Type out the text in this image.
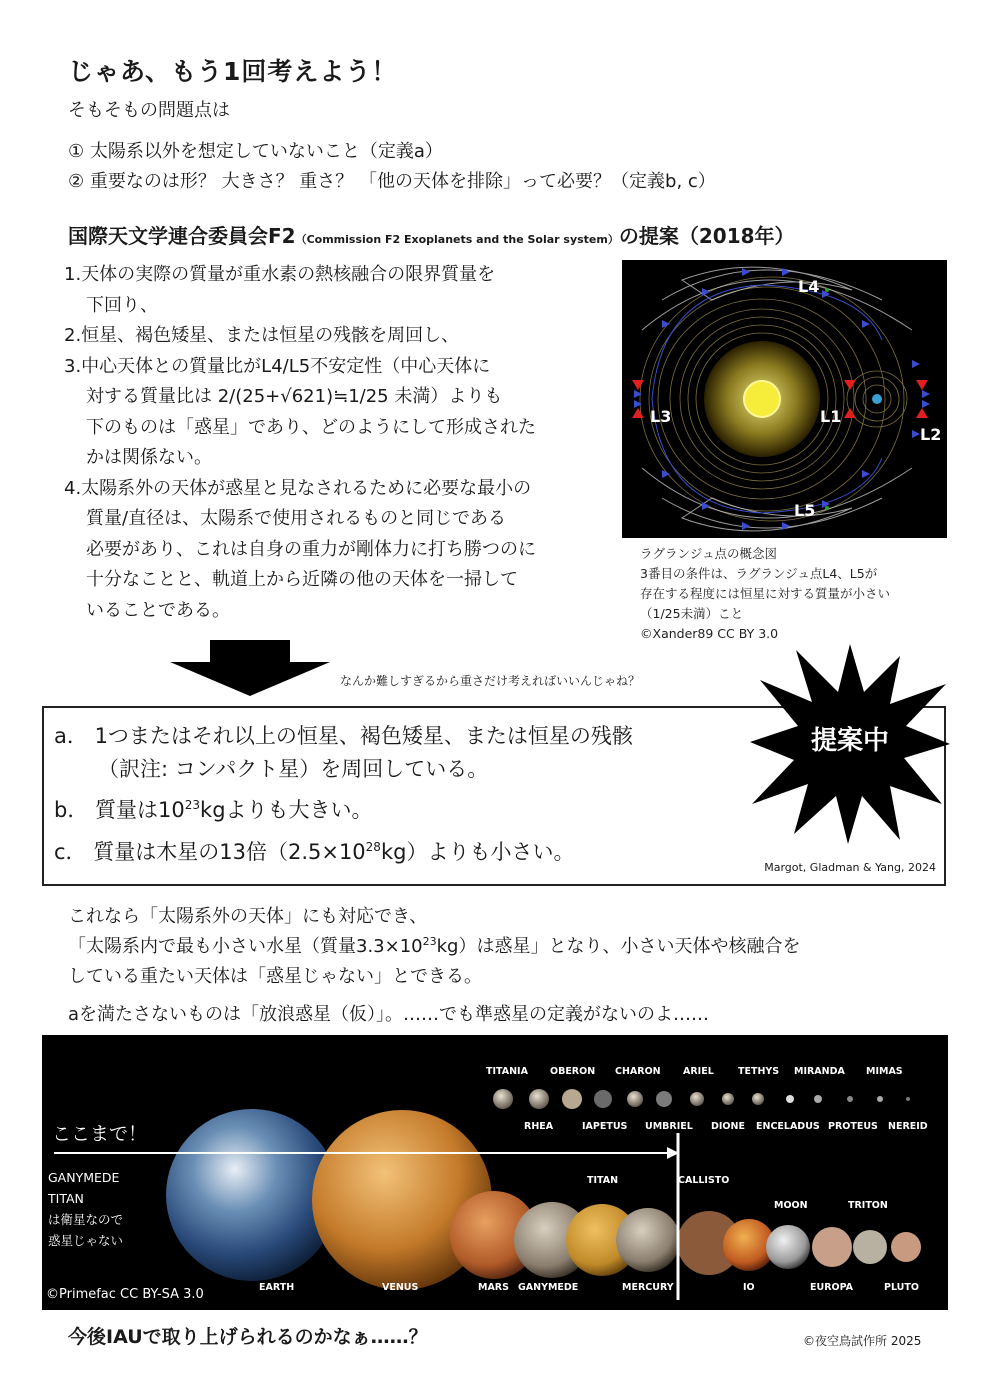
じゃあ、もう1回考えよう！
そもそもの問題点は
① 太陽系以外を想定していないこと（定義a）
② 重要なのは形？ 大きさ？ 重さ？ 「他の天体を排除」って必要？（定義b, c）
国際天文学連合委員会F2（Commission F2 Exoplanets and the Solar system）の提案（2018年）
1.天体の実際の質量が重水素の熱核融合の限界質量を
下回り、
2.恒星、褐色矮星、または恒星の残骸を周回し、
3.中心天体との質量比がL4/L5不安定性（中心天体に
対する質量比は 2/(25+√621)≒1/25 未満）よりも
下のものは「惑星」であり、どのようにして形成された
かは関係ない。
4.太陽系外の天体が惑星と見なされるために必要な最小の
質量/直径は、太陽系で使用されるものと同じである
必要があり、これは自身の重力が剛体力に打ち勝つのに
十分なことと、軌道上から近隣の他の天体を一掃して
いることである。
L4
L5
L3	L1
L2
ラグランジュ点の概念図
3番目の条件は、ラグランジュ点L4、L5が
存在する程度には恒星に対する質量が小さい
（1/25未満）こと
©Xander89 CC BY 3.0
なんか難しすぎるから重さだけ考えればいいんじゃね？
a． 1つまたはそれ以上の恒星、褐色矮星、または恒星の残骸
（訳注: コンパクト星）を周回している。
b． 質量は$10^{23}kg$よりも大きい。
c． 質量は木星の13倍$(2.5\times 10^{28}kg)$よりも小さい。
Margot, Gladman & Yang, 2024
提案中
これなら「太陽系外の天体」にも対応でき、
「太陽系内で最も小さい水星（質量$3.3\times 10^{23}kg$）は惑星」となり、小さい天体や核融合を
している重たい天体は「惑星じゃない」とできる。
aを満たさないものは「放浪惑星（仮）」。……でも準惑星の定義がないのよ……
ここまで！
GANYMEDE
TITAN
は衛星なので
惑星じゃない
©Primefac CC BY-SA 3.0
TITANIA OBERON CHARON ARIEL	TETHYS MIRANDA MIMAS
RHEA	IAPETUS UMBRIEL DIONE ENCELADUS PROTEUS NEREID
TITAN	CALLISTO
MOON	TRITON
EARTH	VENUS	MARS GANYMEDE	MERCURY	IO	EUROPA	PLUTO
今後IAUで取り上げられるのかなぁ……？	©夜空鳥試作所 2025
